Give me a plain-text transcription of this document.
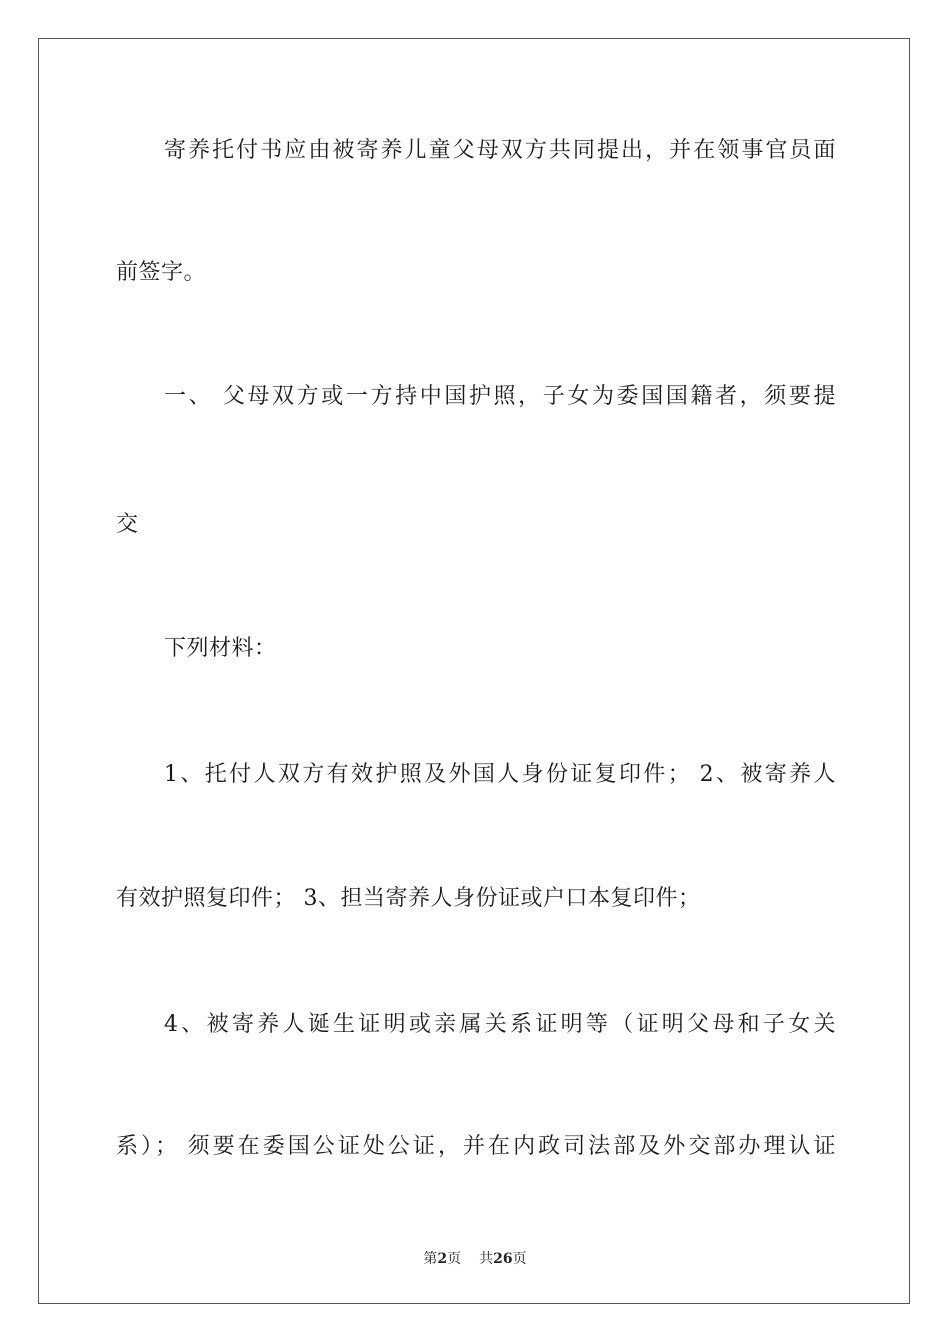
寄养托付书应由被寄养儿童父母双方共同提出，并在领事官员面
前签字。
一、 父母双方或一方持中国护照，子女为委国国籍者，须要提
交
下列材料：
1、托付人双方有效护照及外国人身份证复印件； 2、被寄养人
有效护照复印件； 3、担当寄养人身份证或户口本复印件；
4、被寄养人诞生证明或亲属关系证明等（证明父母和子女关
系）； 须要在委国公证处公证，并在内政司法部及外交部办理认证
第2页 共26页
